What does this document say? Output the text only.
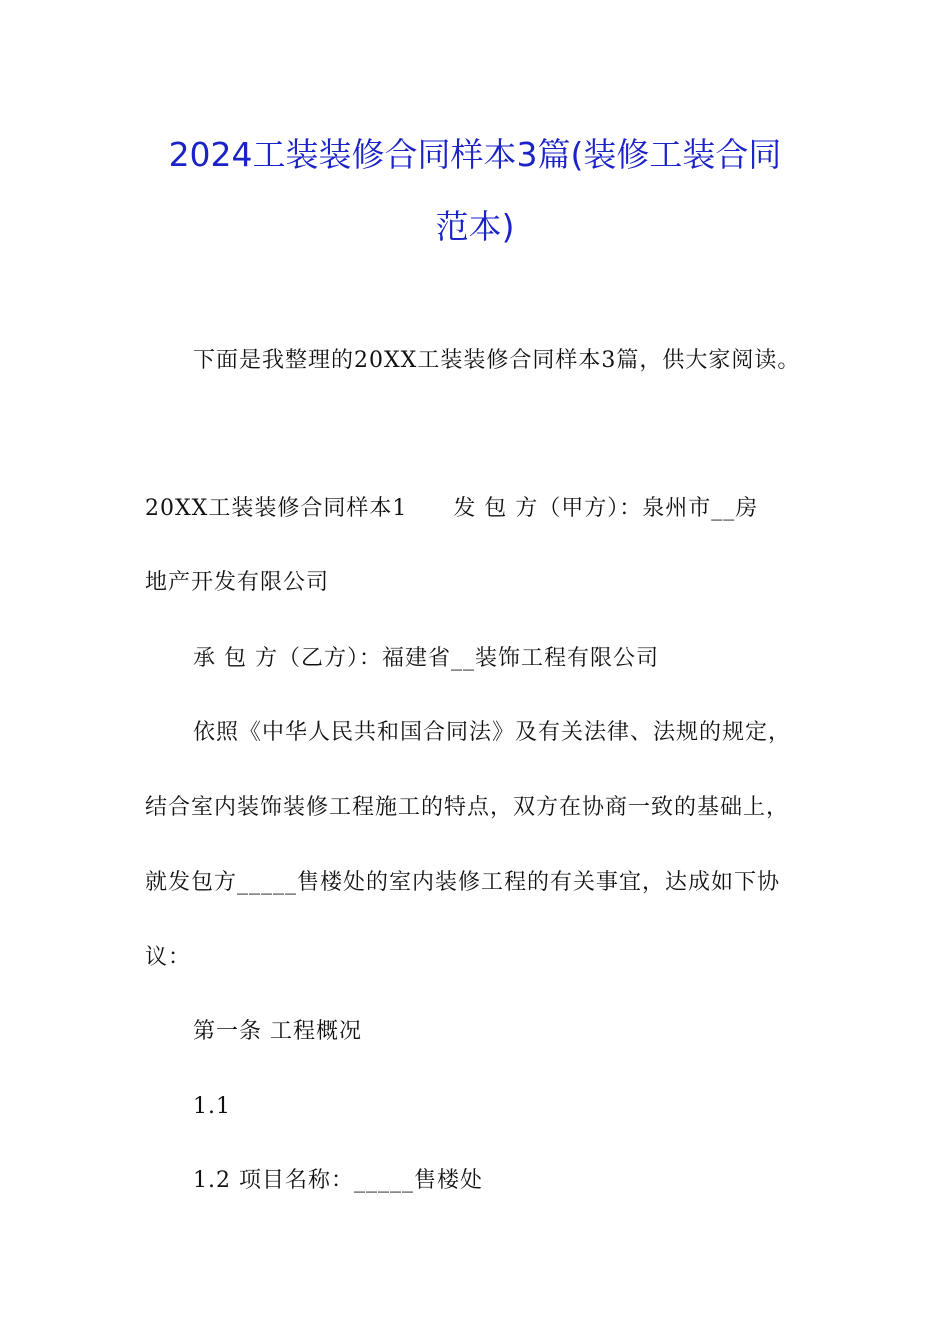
2024工装装修合同样本3篇(装修工装合同
范本)
下面是我整理的20XX工装装修合同样本3篇，供大家阅读。
20XX工装装修合同样本1　　发 包 方（甲方）：泉州市__房
地产开发有限公司
承 包 方（乙方）：福建省__装饰工程有限公司
依照《中华人民共和国合同法》及有关法律、法规的规定，
结合室内装饰装修工程施工的特点，双方在协商一致的基础上，
就发包方_____售楼处的室内装修工程的有关事宜，达成如下协
议：
第一条 工程概况
1.1
1.2 项目名称：_____售楼处
